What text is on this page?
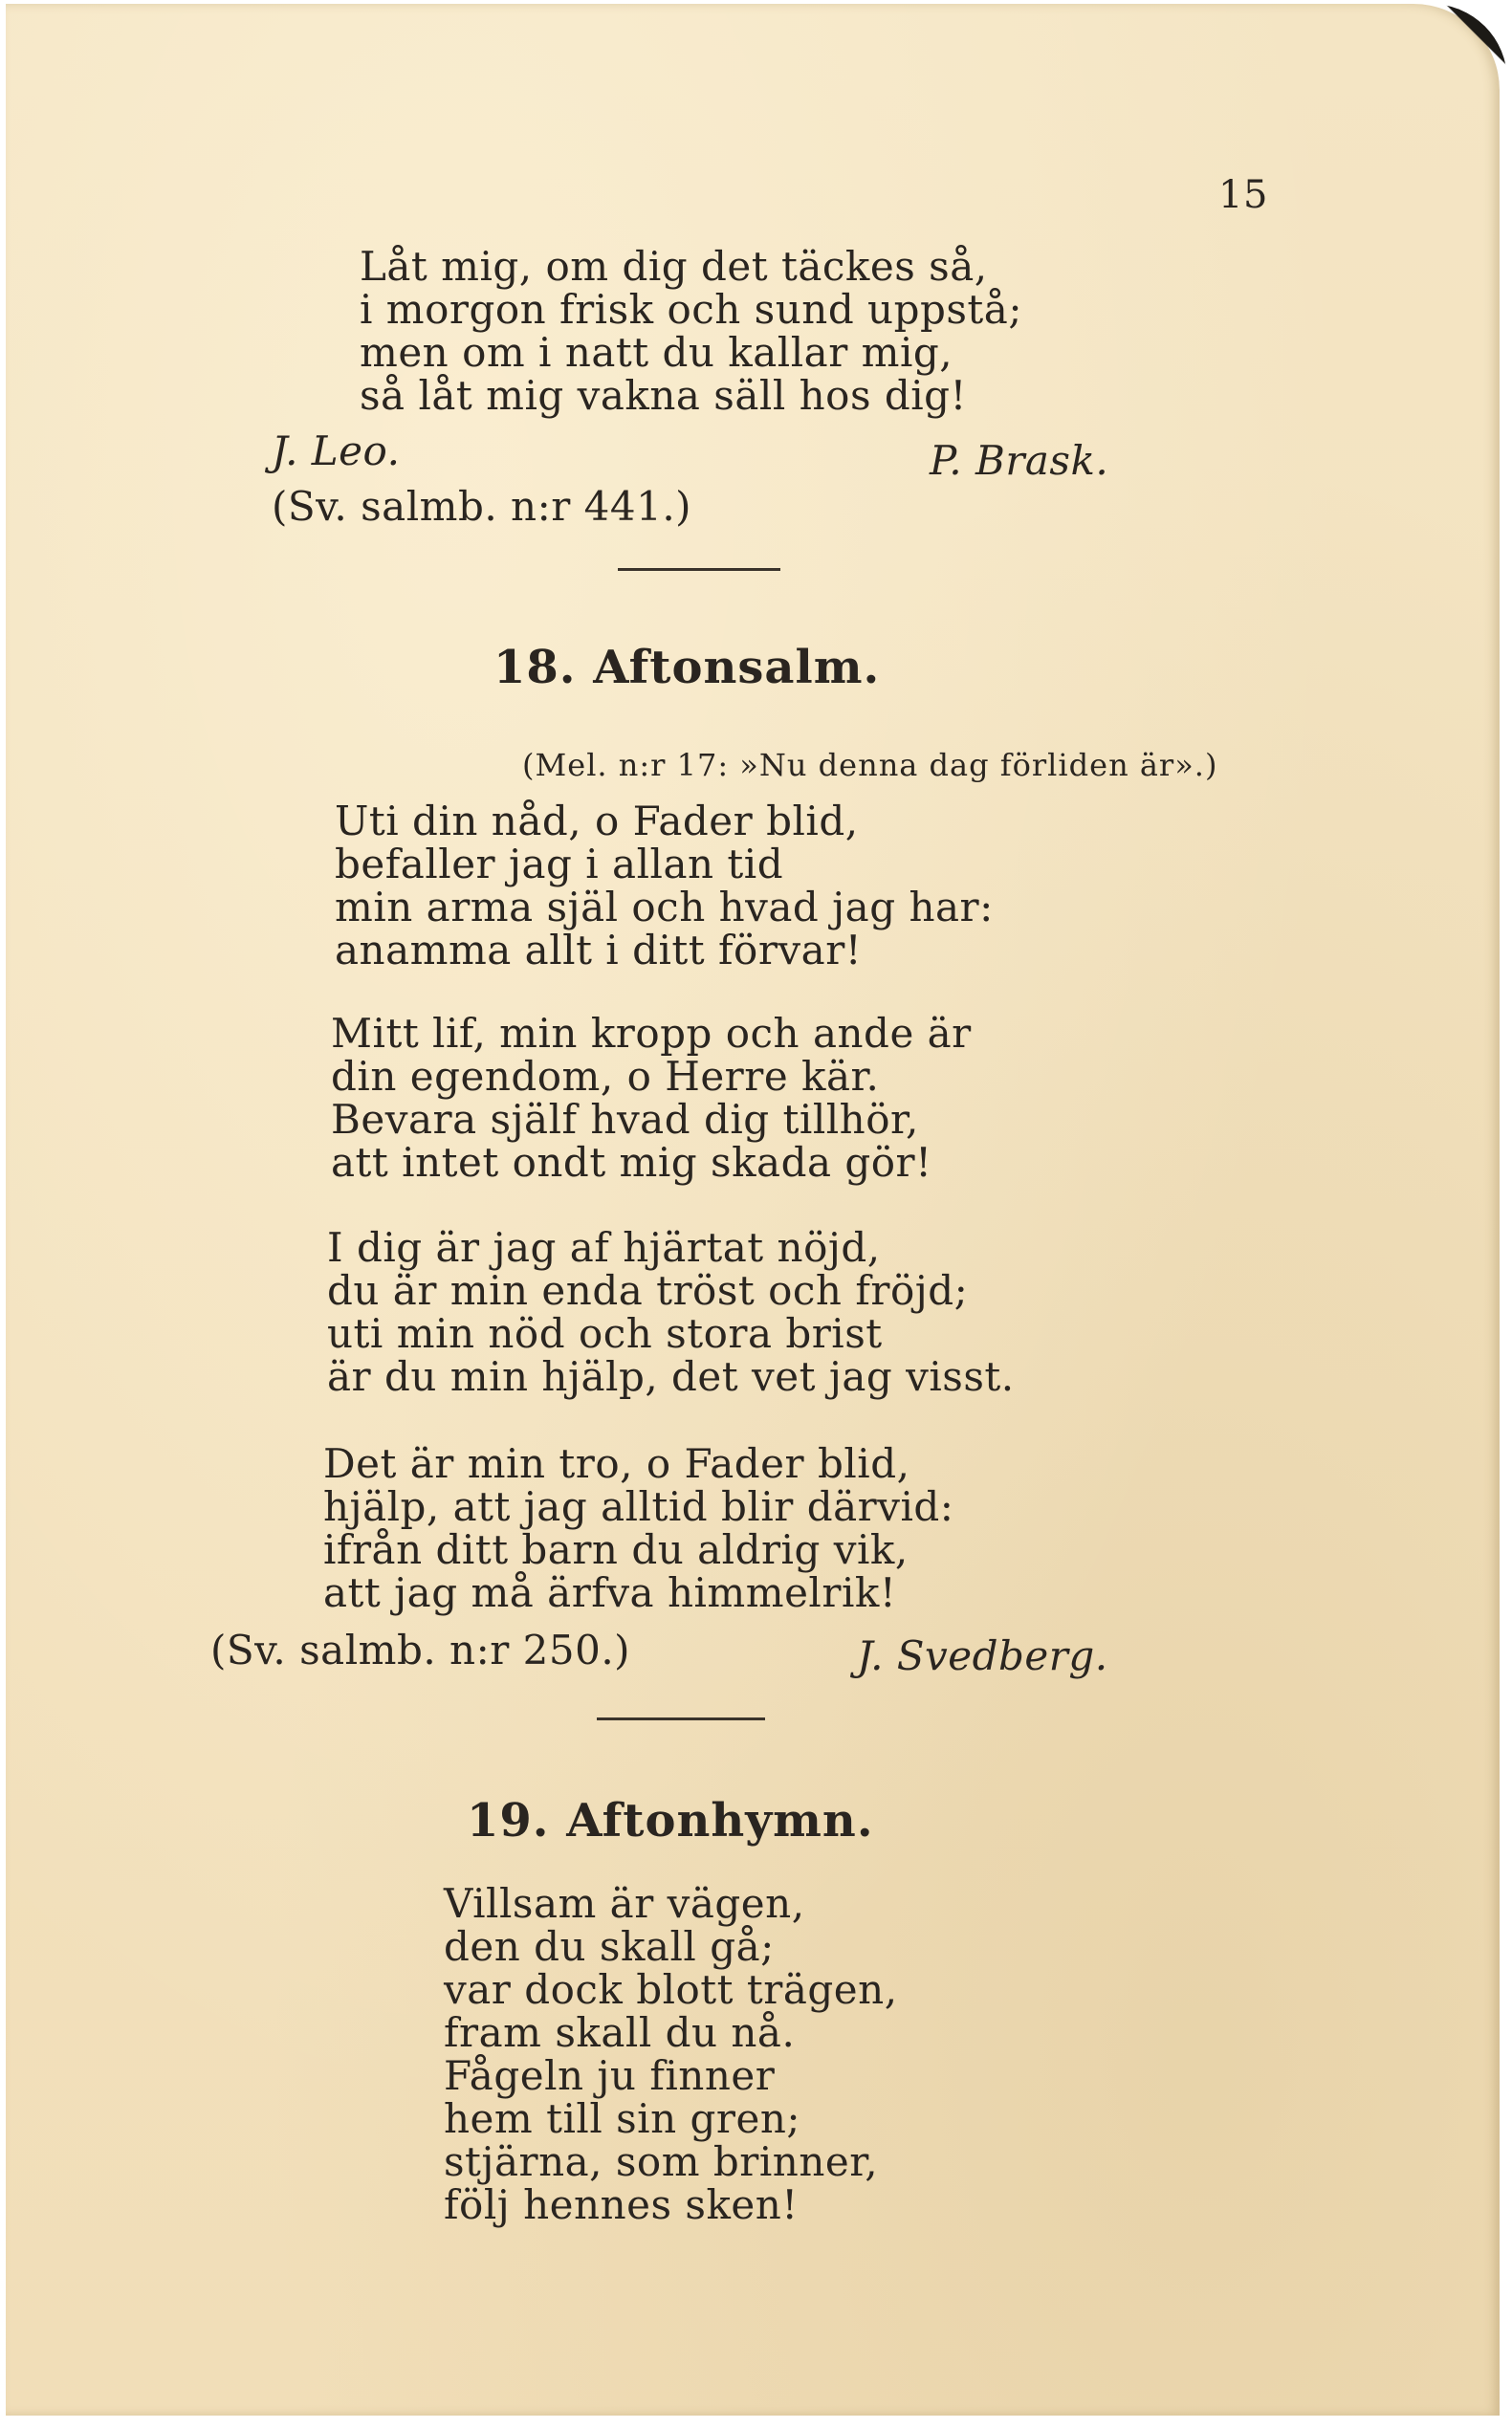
15
Låt mig, om dig det täckes så,
i morgon frisk och sund uppstå;
men om i natt du kallar mig,
så låt mig vakna säll hos dig!
J. Leo.	P. Brask.
(Sv. salmb. n:r 441.)
18. Aftonsalm.
(Mel. n:r 17: »Nu denna dag förliden är».)
Uti din nåd, o Fader blid,
befaller jag i allan tid
min arma själ och hvad jag har:
anamma allt i ditt förvar!
Mitt lif, min kropp och ande är
din egendom, o Herre kär.
Bevara själf hvad dig tillhör,
att intet ondt mig skada gör!
I dig är jag af hjärtat nöjd,
du är min enda tröst och fröjd;
uti min nöd och stora brist
är du min hjälp, det vet jag visst.
Det är min tro, o Fader blid,
hjälp, att jag alltid blir därvid:
ifrån ditt barn du aldrig vik,
att jag må ärfva himmelrik!
(Sv. salmb. n:r 250.)	J. Svedberg.
19. Aftonhymn.
Villsam är vägen,
den du skall gå;
var dock blott trägen,
fram skall du nå.
Fågeln ju finner
hem till sin gren;
stjärna, som brinner,
följ hennes sken!
